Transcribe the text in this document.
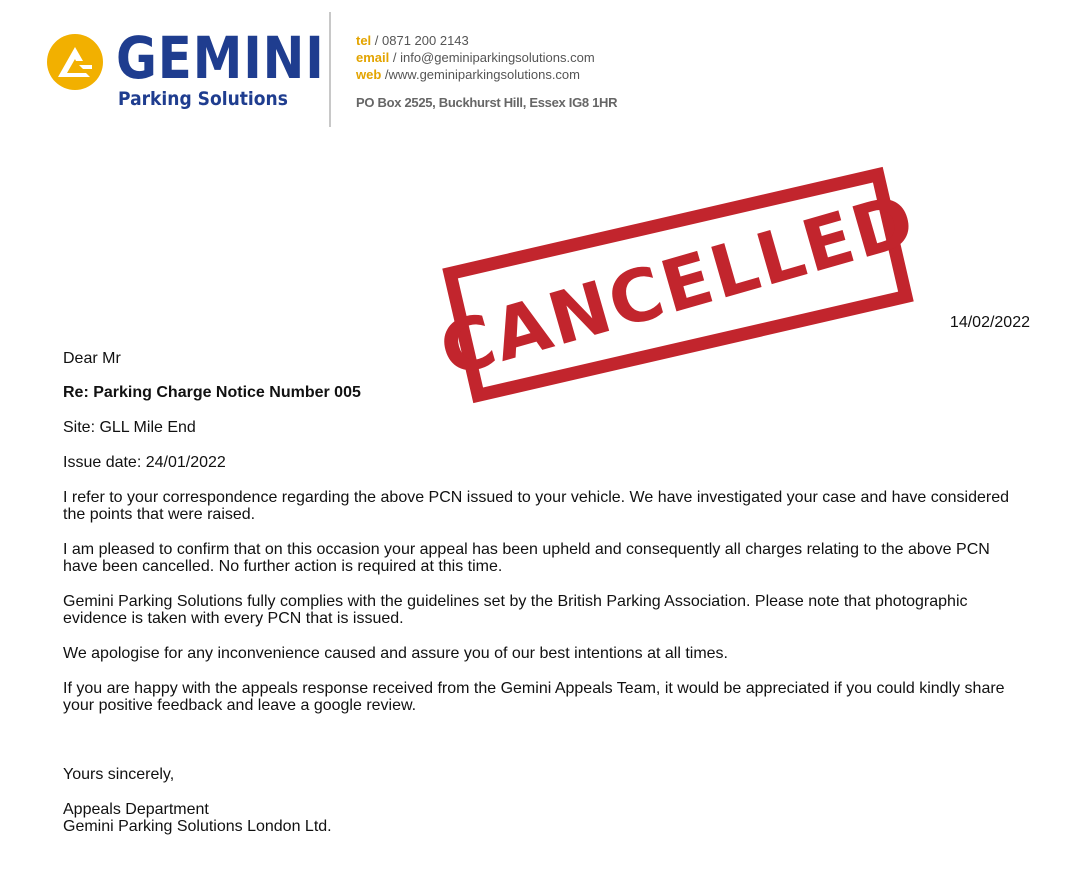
GEMINI
Parking Solutions
tel / 0871 200 2143
email / info@geminiparkingsolutions.com
web /www.geminiparkingsolutions.com
PO Box 2525, Buckhurst Hill, Essex IG8 1HR
CANCELLED 14/02/2022
Dear Mr
Re: Parking Charge Notice Number 005
Site: GLL Mile End
Issue date: 24/01/2022
I refer to your correspondence regarding the above PCN issued to your vehicle. We have investigated your case and have considered the points that were raised.
I am pleased to confirm that on this occasion your appeal has been upheld and consequently all charges relating to the above PCN have been cancelled. No further action is required at this time.
Gemini Parking Solutions fully complies with the guidelines set by the British Parking Association. Please note that photographic evidence is taken with every PCN that is issued.
We apologise for any inconvenience caused and assure you of our best intentions at all times.
If you are happy with the appeals response received from the Gemini Appeals Team, it would be appreciated if you could kindly share your positive feedback and leave a google review.
Yours sincerely,
Appeals Department
Gemini Parking Solutions London Ltd.
